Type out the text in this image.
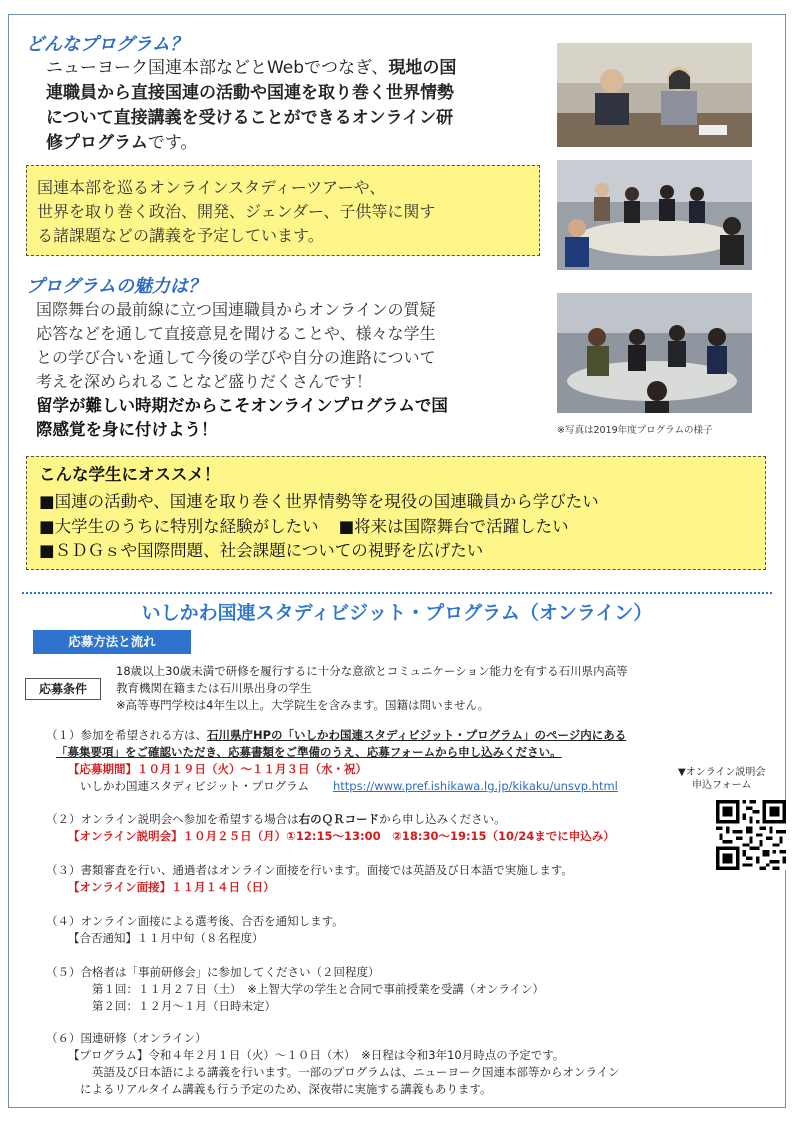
どんなプログラム？
ニューヨーク国連本部などとWebでつなぎ、現地の国
連職員から直接国連の活動や国連を取り巻く世界情勢
について直接講義を受けることができるオンライン研
修プログラムです。
国連本部を巡るオンラインスタディーツアーや、
世界を取り巻く政治、開発、ジェンダー、子供等に関す
る諸課題などの講義を予定しています。
プログラムの魅力は？
国際舞台の最前線に立つ国連職員からオンラインの質疑
応答などを通して直接意見を聞けることや、様々な学生
との学び合いを通して今後の学びや自分の進路について
考えを深められることなど盛りだくさんです！
留学が難しい時期だからこそオンラインプログラムで国
際感覚を身に付けよう！	※写真は2019年度プログラムの様子
こんな学生にオススメ！
■国連の活動や、国連を取り巻く世界情勢等を現役の国連職員から学びたい
■大学生のうちに特別な経験がしたい ■将来は国際舞台で活躍したい
■ＳＤＧｓや国際問題、社会課題についての視野を広げたい
いしかわ国連スタディビジット・プログラム（オンライン）
応募方法と流れ
応募条件
18歳以上30歳未満で研修を履行するに十分な意欲とコミュニケーション能力を有する石川県内高等
教育機関在籍または石川県出身の学生
※高等専門学校は4年生以上。大学院生を含みます。国籍は問いません。
（１）参加を希望される方は、石川県庁HPの「いしかわ国連スタディビジット・プログラム」のページ内にある
「募集要項」をご確認いただき、応募書類をご準備のうえ、応募フォームから申し込みください。
【応募期間】１０月１９日（火）～１１月３日（水・祝）
いしかわ国連スタディビジット・プログラム https://www.pref.ishikawa.lg.jp/kikaku/unsvp.html
▼オンライン説明会
申込フォーム
（２）オンライン説明会へ参加を希望する場合は右のＱＲコードから申し込みください。
【オンライン説明会】１０月２５日（月）①12:15～13:00　②18:30～19:15（10/24までに申込み）
（３）書類審査を行い、通過者はオンライン面接を行います。面接では英語及び日本語で実施します。
【オンライン面接】１１月１４日（日）
（４）オンライン面接による選考後、合否を通知します。
【合否通知】１１月中旬（８名程度）
（５）合格者は「事前研修会」に参加してください（２回程度）
第１回：１１月２７日（土）　※上智大学の学生と合同で事前授業を受講（オンライン）
第２回：１２月～１月（日時未定）
（６）国連研修（オンライン）
【プログラム】令和４年２月１日（火）～１０日（木）　※日程は令和3年10月時点の予定です。
英語及び日本語による講義を行います。一部のプログラムは、ニューヨーク国連本部等からオンライン
によるリアルタイム講義も行う予定のため、深夜帯に実施する講義もあります。
